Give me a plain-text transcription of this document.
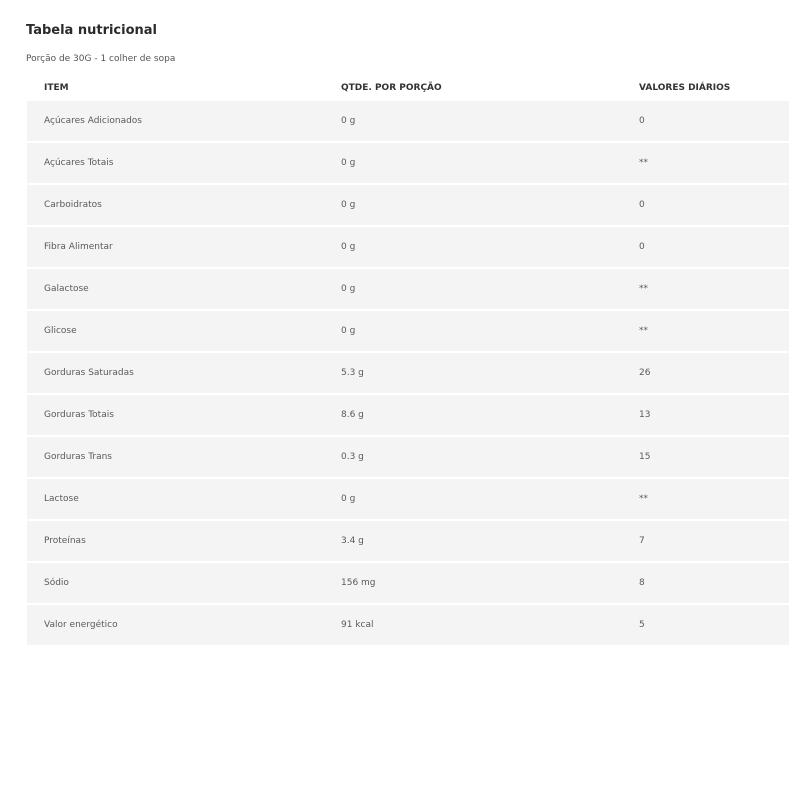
Tabela nutricional
Porção de 30G - 1 colher de sopa
ITEM	QTDE. POR PORÇÃO	VALORES DIÁRIOS
Açúcares Adicionados	0 g	0
Açúcares Totais	0 g	**
Carboidratos	0 g	0
Fibra Alimentar	0 g	0
Galactose	0 g	**
Glicose	0 g	**
Gorduras Saturadas	5.3 g	26
Gorduras Totais	8.6 g	13
Gorduras Trans	0.3 g	15
Lactose	0 g	**
Proteínas	3.4 g	7
Sódio	156 mg	8
Valor energético	91 kcal	5
